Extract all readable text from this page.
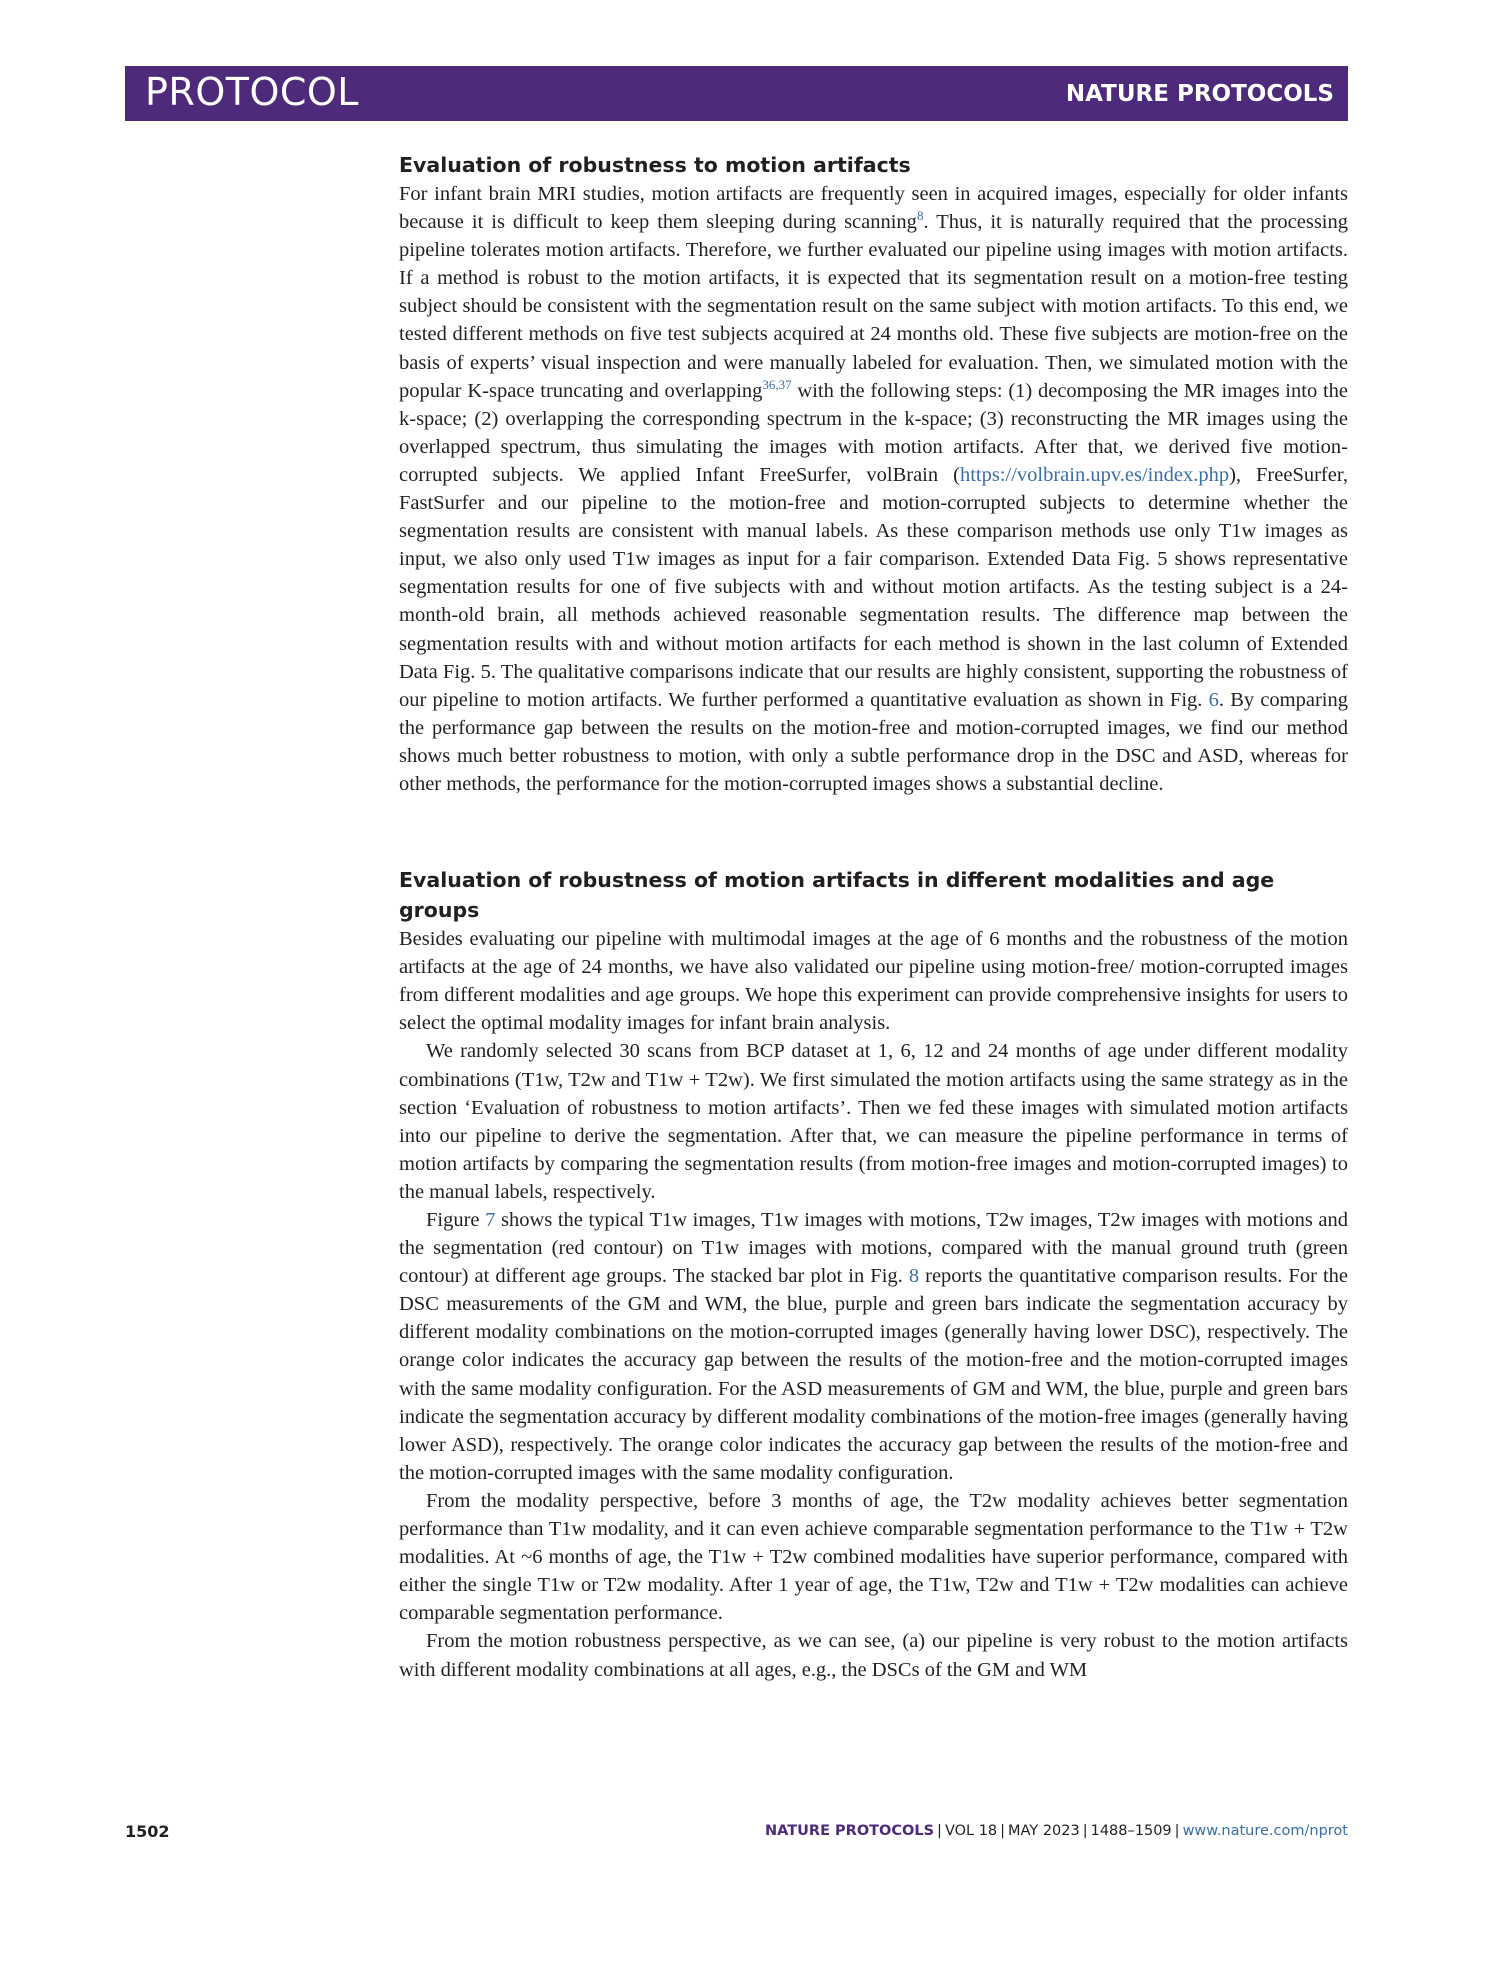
PROTOCOL	NATURE PROTOCOLS
Evaluation of robustness to motion artifacts

For infant brain MRI studies, motion artifacts are frequently seen in acquired images, especially for older infants because it is difficult to keep them sleeping during scanning$^8$. Thus, it is naturally required that the processing pipeline tolerates motion artifacts. Therefore, we further evaluated our pipeline using images with motion artifacts. If a method is robust to the motion artifacts, it is expected that its segmentation result on a motion-free testing subject should be consistent with the segmentation result on the same subject with motion artifacts. To this end, we tested different methods on five test subjects acquired at 24 months old. These five subjects are motion-free on the basis of experts’ visual inspection and were manually labeled for evaluation. Then, we simulated motion with the popular K-space truncating and overlapping$^{36,37}$ with the following steps: (1) decomposing the MR images into the k-space; (2) overlapping the corresponding spectrum in the k-space; (3) reconstructing the MR images using the overlapped spectrum, thus simulating the images with motion artifacts. After that, we derived five motion-corrupted subjects. We applied Infant FreeSurfer, volBrain (https://volbrain.upv.es/index.php), FreeSurfer, FastSurfer and our pipeline to the motion-free and motion-corrupted subjects to determine whether the segmentation results are consistent with manual labels. As these comparison methods use only T1w images as input, we also only used T1w images as input for a fair comparison. Extended Data Fig. 5 shows representative segmentation results for one of five subjects with and without motion artifacts. As the testing subject is a 24-month-old brain, all methods achieved reasonable segmentation results. The difference map between the segmentation results with and without motion artifacts for each method is shown in the last column of Extended Data Fig. 5. The qualitative comparisons indicate that our results are highly consistent, supporting the robustness of our pipeline to motion artifacts. We further performed a quantitative evaluation as shown in Fig. 6. By comparing the performance gap between the results on the motion-free and motion-corrupted images, we find our method shows much better robustness to motion, with only a subtle performance drop in the DSC and ASD, whereas for other methods, the performance for the motion-corrupted images shows a substantial decline.

Evaluation of robustness of motion artifacts in different modalities and age groups

Besides evaluating our pipeline with multimodal images at the age of 6 months and the robustness of the motion artifacts at the age of 24 months, we have also validated our pipeline using motion-free/ motion-corrupted images from different modalities and age groups. We hope this experiment can provide comprehensive insights for users to select the optimal modality images for infant brain analysis.

We randomly selected 30 scans from BCP dataset at 1, 6, 12 and 24 months of age under different modality combinations (T1w, T2w and T1w + T2w). We first simulated the motion artifacts using the same strategy as in the section ‘Evaluation of robustness to motion artifacts’. Then we fed these images with simulated motion artifacts into our pipeline to derive the segmentation. After that, we can measure the pipeline performance in terms of motion artifacts by comparing the segmentation results (from motion-free images and motion-corrupted images) to the manual labels, respectively.

Figure 7 shows the typical T1w images, T1w images with motions, T2w images, T2w images with motions and the segmentation (red contour) on T1w images with motions, compared with the manual ground truth (green contour) at different age groups. The stacked bar plot in Fig. 8 reports the quantitative comparison results. For the DSC measurements of the GM and WM, the blue, purple and green bars indicate the segmentation accuracy by different modality combinations on the motion-corrupted images (generally having lower DSC), respectively. The orange color indicates the accuracy gap between the results of the motion-free and the motion-corrupted images with the same modality configuration. For the ASD measurements of GM and WM, the blue, purple and green bars indicate the segmentation accuracy by different modality combinations of the motion-free images (generally having lower ASD), respectively. The orange color indicates the accuracy gap between the results of the motion-free and the motion-corrupted images with the same modality configuration.

From the modality perspective, before 3 months of age, the T2w modality achieves better segmentation performance than T1w modality, and it can even achieve comparable segmentation performance to the T1w + T2w modalities. At ~6 months of age, the T1w + T2w combined modalities have superior performance, compared with either the single T1w or T2w modality. After 1 year of age, the T1w, T2w and T1w + T2w modalities can achieve comparable segmentation performance.

From the motion robustness perspective, as we can see, (a) our pipeline is very robust to the motion artifacts with different modality combinations at all ages, e.g., the DSCs of the GM and WM

1502	NATURE PROTOCOLS | VOL 18 | MAY 2023 | 1488–1509 | www.nature.com/nprot
